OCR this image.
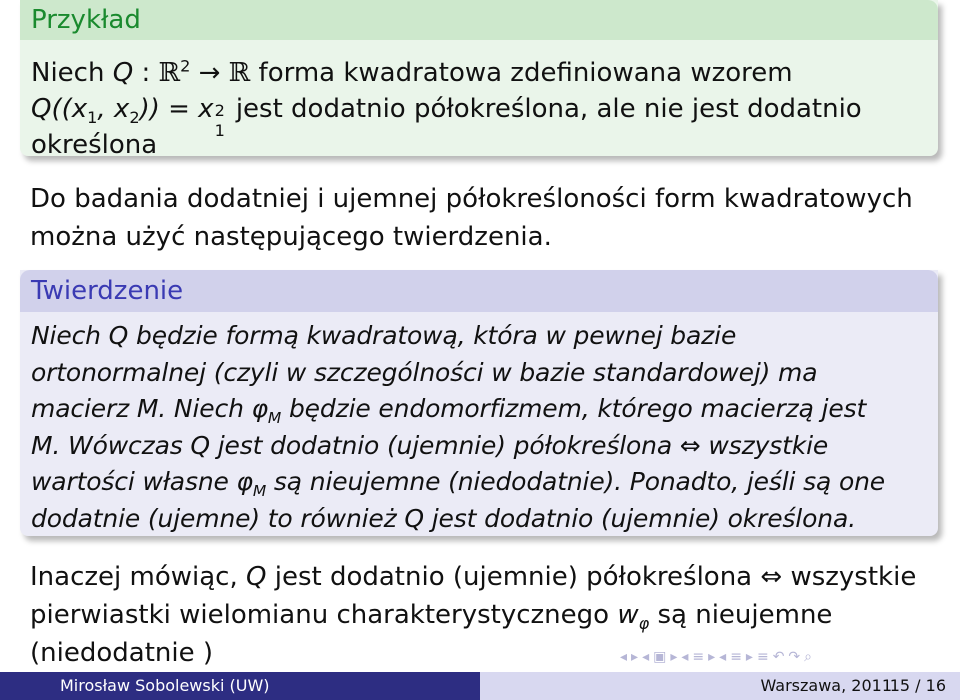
Przykład
Niech Q : ℝ$^2$ → ℝ forma kwadratowa zdefiniowana wzorem
$Q((x_1$, $x_2)) = x$ 2
1
jest dodatnio półokreślona, ale nie jest dodatnio
określona
Do badania dodatniej i ujemnej półokreśloności form kwadratowych
można użyć następującego twierdzenia.
Twierdzenie
Niech Q będzie formą kwadratową, która w pewnej bazie
ortonormalnej (czyli w szczególności w bazie standardowej) ma
macierz M. Niech $\varphi_M$ będzie endomorfizmem, którego macierzą jest
M. Wówczas Q jest dodatnio (ujemnie) półokreślona ⇔ wszystkie
wartości własne $\varphi_M$ są nieujemne (niedodatnie). Ponadto, jeśli są one
dodatnie (ujemne) to również Q jest dodatnio (ujemnie) określona.
Inaczej mówiąc, Q jest dodatnio (ujemnie) półokreślona ⇔ wszystkie
pierwiastki wielomianu charakterystycznego $w_\varphi$ są nieujemne
(niedodatnie )	◂ ▸ ◂ ▣ ▸ ◂ ≡ ▸ ◂ ≡ ▸ ≡ ↶ ↷ ⌕
Mirosław Sobolewski (UW)	Warszawa, 2011
15 / 16
